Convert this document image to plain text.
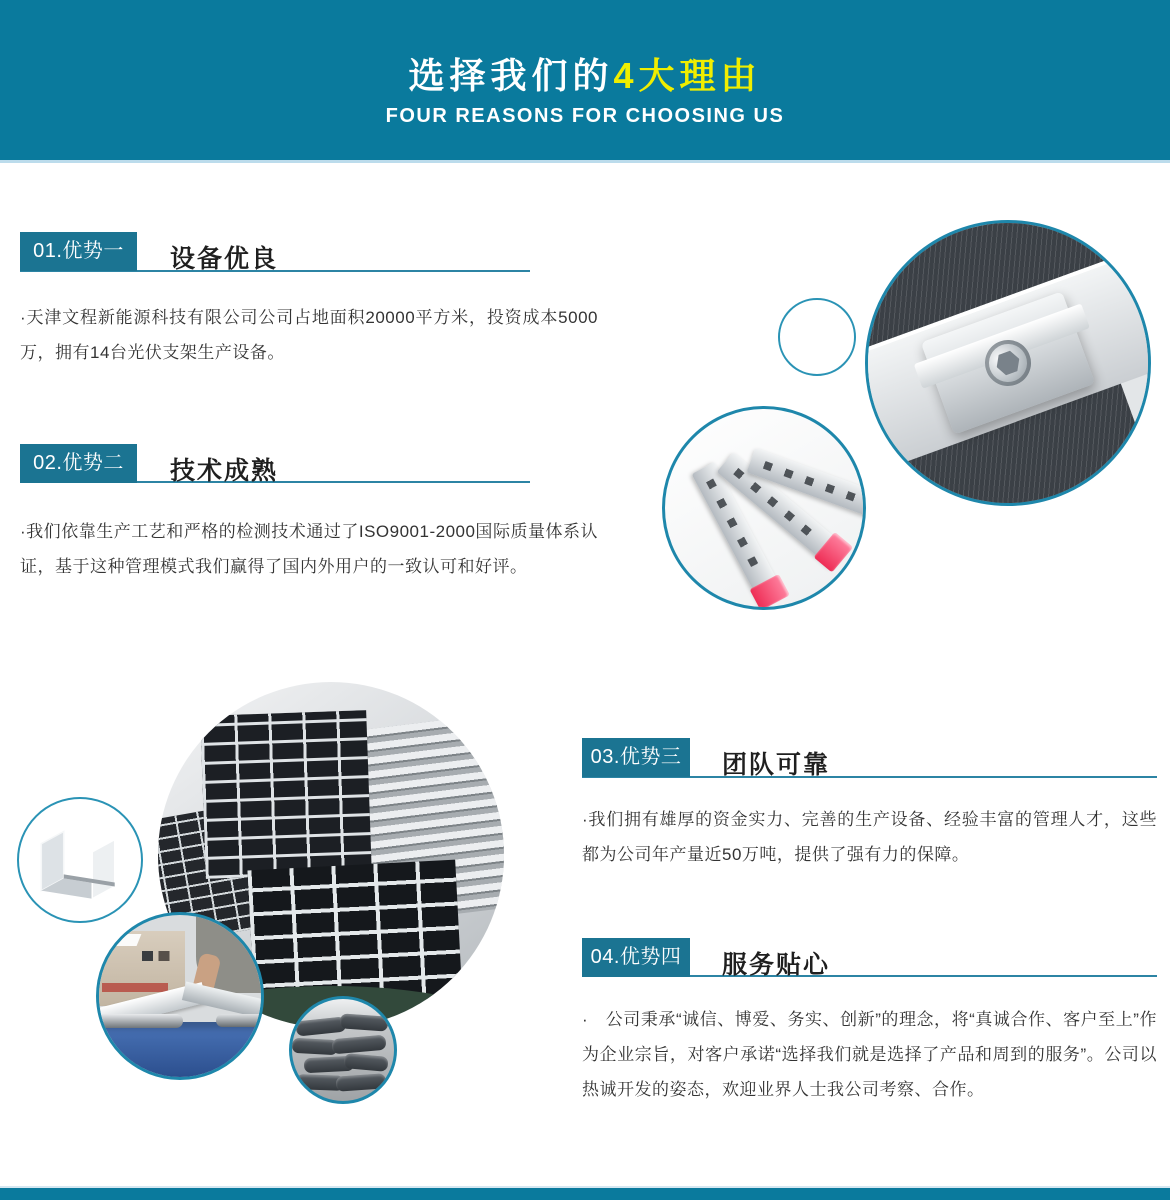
选择我们的4大理由
FOUR REASONS FOR CHOOSING US
01.优势一	设备优良
·天津文程新能源科技有限公司公司占地面积20000平方米，投资成本5000万，拥有14台光伏支架生产设备。
02.优势二	技术成熟
·我们依靠生产工艺和严格的检测技术通过了ISO9001-2000国际质量体系认证，基于这种管理模式我们赢得了国内外用户的一致认可和好评。
03.优势三	团队可靠
·我们拥有雄厚的资金实力、完善的生产设备、经验丰富的管理人才，这些都为公司年产量近50万吨，提供了强有力的保障。
04.优势四	服务贴心
·　公司秉承“诚信、博爱、务实、创新”的理念，将“真诚合作、客户至上”作为企业宗旨，对客户承诺“选择我们就是选择了产品和周到的服务”。公司以热诚开发的姿态，欢迎业界人士我公司考察、合作。
